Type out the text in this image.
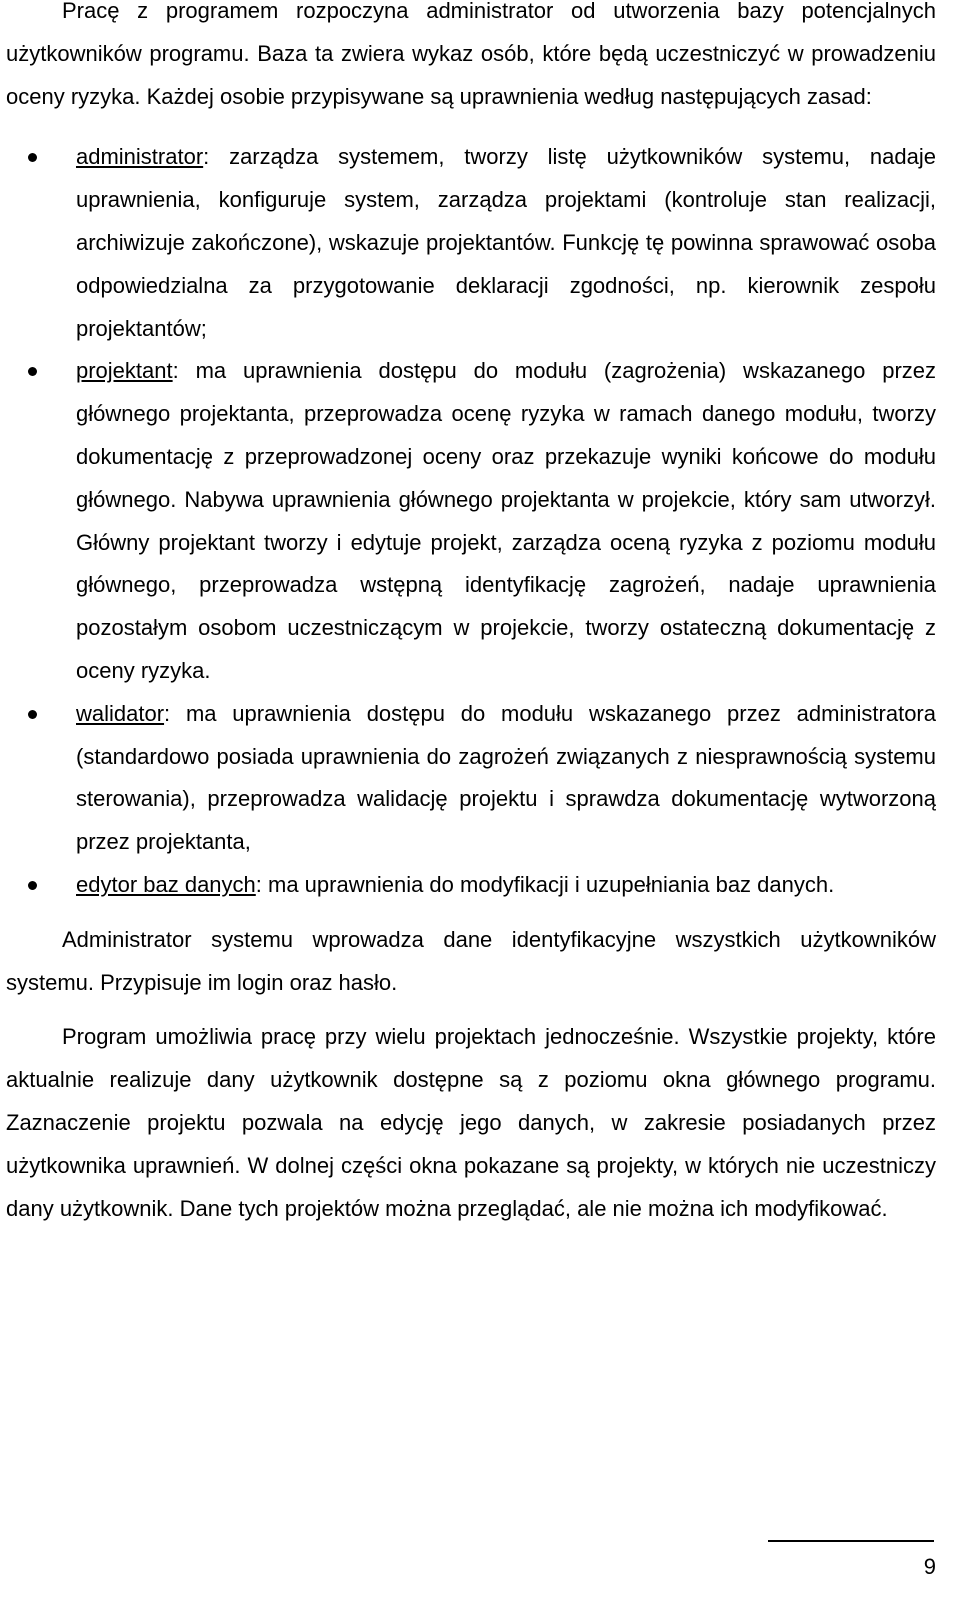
Pracę z programem rozpoczyna administrator od utworzenia bazy potencjalnych użytkowników programu. Baza ta zwiera wykaz osób, które będą uczestniczyć w prowadzeniu oceny ryzyka. Każdej osobie przypisywane są uprawnienia według następujących zasad:

administrator: zarządza systemem, tworzy listę użytkowników systemu, nadaje uprawnienia, konfiguruje system, zarządza projektami (kontroluje stan realizacji, archiwizuje zakończone), wskazuje projektantów. Funkcję tę powinna sprawować osoba odpowiedzialna za przygotowanie deklaracji zgodności, np. kierownik zespołu projektantów;
projektant: ma uprawnienia dostępu do modułu (zagrożenia) wskazanego przez głównego projektanta, przeprowadza ocenę ryzyka w ramach danego modułu, tworzy dokumentację z przeprowadzonej oceny oraz przekazuje wyniki końcowe do modułu głównego. Nabywa uprawnienia głównego projektanta w projekcie, który sam utworzył. Główny projektant tworzy i edytuje projekt, zarządza oceną ryzyka z poziomu modułu głównego, przeprowadza wstępną identyfikację zagrożeń, nadaje uprawnienia pozostałym osobom uczestniczącym w projekcie, tworzy ostateczną dokumentację z oceny ryzyka.
walidator: ma uprawnienia dostępu do modułu wskazanego przez administratora (standardowo posiada uprawnienia do zagrożeń związanych z niesprawnością systemu sterowania), przeprowadza walidację projektu i sprawdza dokumentację wytworzoną przez projektanta,
edytor baz danych: ma uprawnienia do modyfikacji i uzupełniania baz danych.

Administrator systemu wprowadza dane identyfikacyjne wszystkich użytkowników systemu. Przypisuje im login oraz hasło.

Program umożliwia pracę przy wielu projektach jednocześnie. Wszystkie projekty, które aktualnie realizuje dany użytkownik dostępne są z poziomu okna głównego programu. Zaznaczenie projektu pozwala na edycję jego danych, w zakresie posiadanych przez użytkownika uprawnień. W dolnej części okna pokazane są projekty, w których nie uczestniczy dany użytkownik. Dane tych projektów można przeglądać, ale nie można ich modyfikować.

9
